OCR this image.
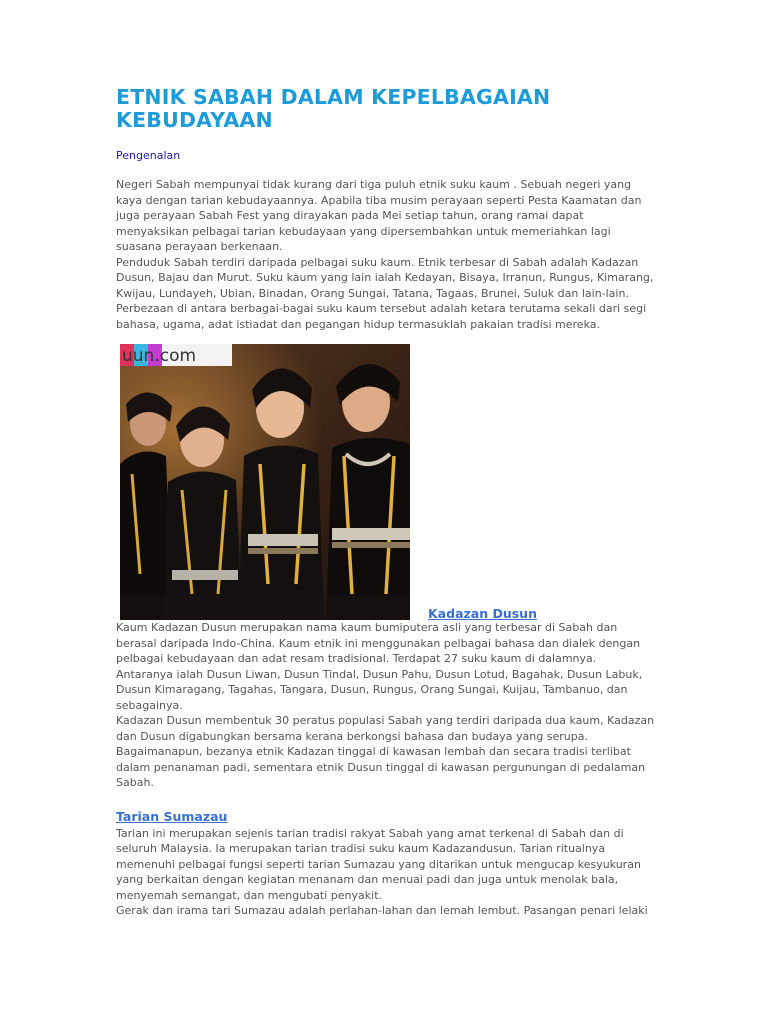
ETNIK SABAH DALAM KEPELBAGAIAN KEBUDAYAAN
Pengenalan

Negeri Sabah mempunyai tidak kurang dari tiga puluh etnik suku kaum . Sebuah negeri yang kaya dengan tarian kebudayaannya. Apabila tiba musim perayaan seperti Pesta Kaamatan dan juga perayaan Sabah Fest yang dirayakan pada Mei setiap tahun, orang ramai dapat menyaksikan pelbagai tarian kebudayaan yang dipersembahkan untuk memeriahkan lagi suasana perayaan berkenaan.

Penduduk Sabah terdiri daripada pelbagai suku kaum. Etnik terbesar di Sabah adalah Kadazan Dusun, Bajau dan Murut. Suku kaum yang lain ialah Kedayan, Bisaya, Irranun, Rungus, Kimarang, Kwijau, Lundayeh, Ubian, Binadan, Orang Sungai, Tatana, Tagaas, Brunei, Suluk dan lain-lain.

Perbezaan di antara berbagai-bagai suku kaum tersebut adalah ketara terutama sekali dari segi bahasa, ugama, adat istiadat dan pegangan hidup termasuklah pakaian tradisi mereka.

uun.com
Kadazan Dusun

Kaum Kadazan Dusun merupakan nama kaum bumiputera asli yang terbesar di Sabah dan berasal daripada Indo-China. Kaum etnik ini menggunakan pelbagai bahasa dan dialek dengan pelbagai kebudayaan dan adat resam tradisional. Terdapat 27 suku kaum di dalamnya. Antaranya ialah Dusun Liwan, Dusun Tindal, Dusun Pahu, Dusun Lotud, Bagahak, Dusun Labuk, Dusun Kimaragang, Tagahas, Tangara, Dusun, Rungus, Orang Sungai, Kuijau, Tambanuo, dan sebagainya.

Kadazan Dusun membentuk 30 peratus populasi Sabah yang terdiri daripada dua kaum, Kadazan dan Dusun digabungkan bersama kerana berkongsi bahasa dan budaya yang serupa. Bagaimanapun, bezanya etnik Kadazan tinggal di kawasan lembah dan secara tradisi terlibat dalam penanaman padi, sementara etnik Dusun tinggal di kawasan pergunungan di pedalaman Sabah.

Tarian Sumazau

Tarian ini merupakan sejenis tarian tradisi rakyat Sabah yang amat terkenal di Sabah dan di seluruh Malaysia. Ia merupakan tarian tradisi suku kaum Kadazandusun. Tarian ritualnya memenuhi pelbagai fungsi seperti tarian Sumazau yang ditarikan untuk mengucap kesyukuran yang berkaitan dengan kegiatan menanam dan menuai padi dan juga untuk menolak bala, menyemah semangat, dan mengubati penyakit.

Gerak dan irama tari Sumazau adalah perlahan-lahan dan lemah lembut. Pasangan penari lelaki
